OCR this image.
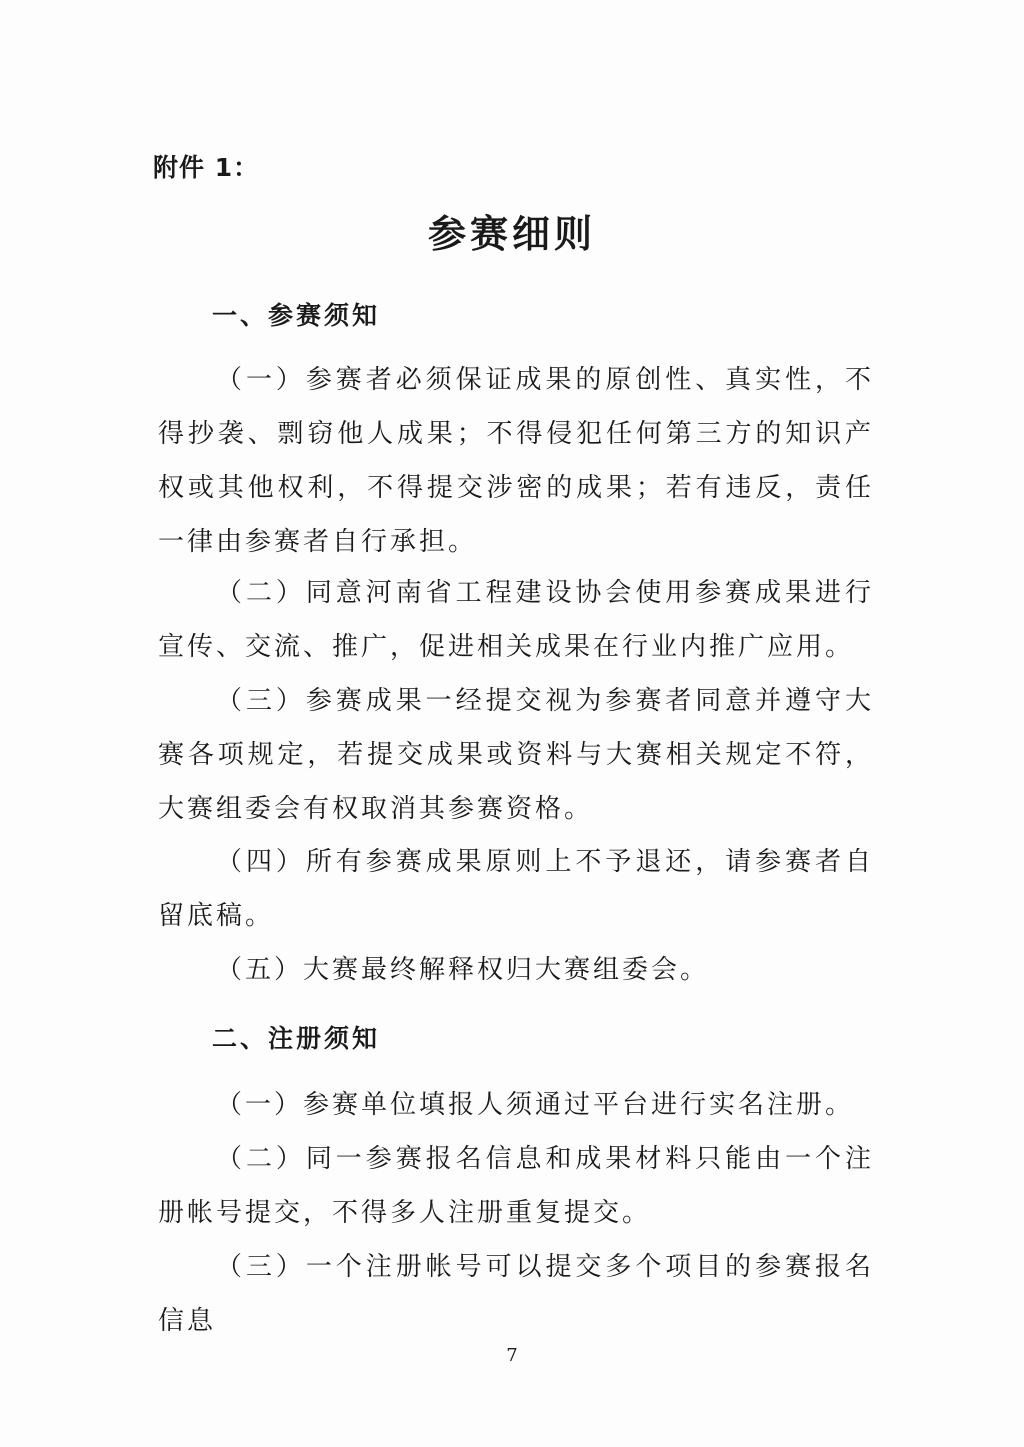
附件 1：
参赛细则
一、参赛须知

（一）参赛者必须保证成果的原创性、真实性，不得抄袭、剽窃他人成果；不得侵犯任何第三方的知识产权或其他权利，不得提交涉密的成果；若有违反，责任一律由参赛者自行承担。

（二）同意河南省工程建设协会使用参赛成果进行宣传、交流、推广，促进相关成果在行业内推广应用。

（三）参赛成果一经提交视为参赛者同意并遵守大赛各项规定，若提交成果或资料与大赛相关规定不符，大赛组委会有权取消其参赛资格。

（四）所有参赛成果原则上不予退还，请参赛者自留底稿。

（五）大赛最终解释权归大赛组委会。

二、注册须知

（一）参赛单位填报人须通过平台进行实名注册。

（二）同一参赛报名信息和成果材料只能由一个注册帐号提交，不得多人注册重复提交。

（三）一个注册帐号可以提交多个项目的参赛报名信息

7
